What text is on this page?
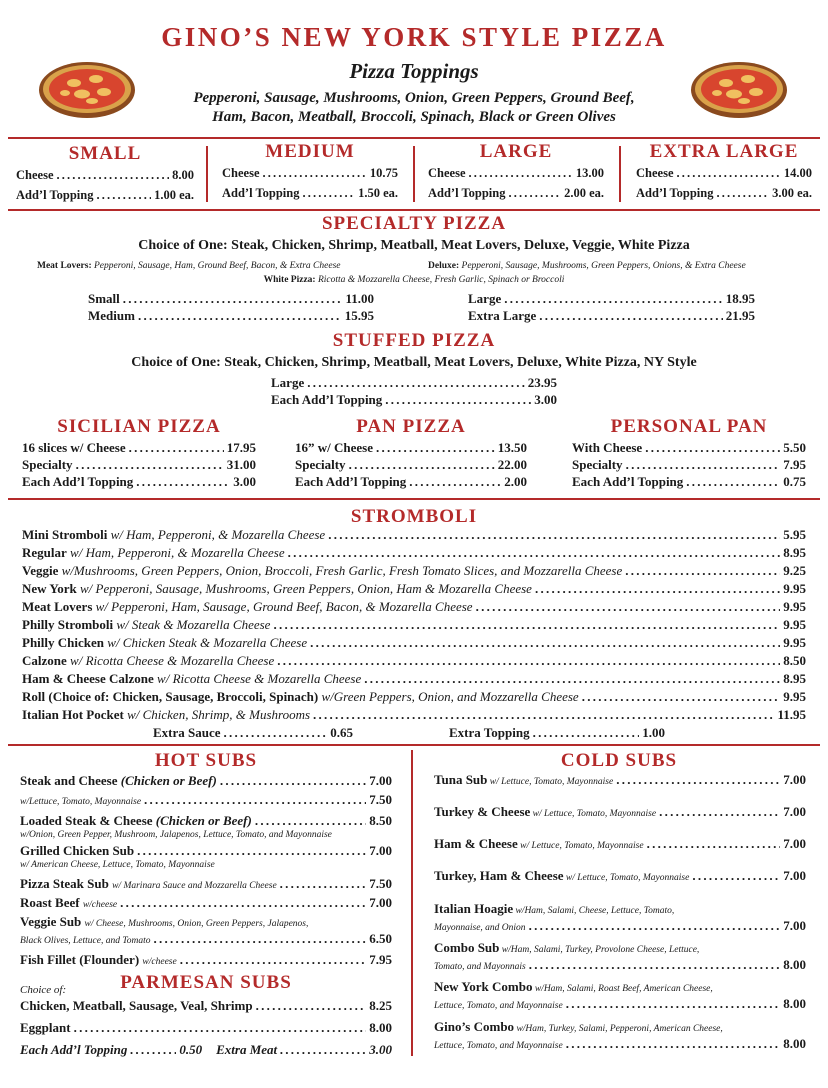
GINO’S NEW YORK STYLE PIZZA
Pizza Toppings
Pepperoni, Sausage, Mushrooms, Onion, Green Peppers, Ground Beef,
Ham, Bacon, Meatball, Broccoli, Spinach, Black or Green Olives
SMALL
Cheese . . .	8.00
Add’l Topping . . .	1.00 ea.
MEDIUM
Cheese . . .	10.75
Add’l Topping . . .	1.50 ea.
LARGE
Cheese . . .	13.00
Add’l Topping . . .	2.00 ea.
EXTRA LARGE
Cheese . . .	14.00
Add’l Topping . . .	3.00 ea.
SPECIALTY PIZZA
Choice of One: Steak, Chicken, Shrimp, Meatball, Meat Lovers, Deluxe, Veggie, White Pizza
Meat Lovers: Pepperoni, Sausage, Ham, Ground Beef, Bacon, & Extra Cheese	Deluxe: Pepperoni, Sausage, Mushrooms, Green Peppers, Onions, & Extra Cheese
White Pizza: Ricotta & Mozzarella Cheese, Fresh Garlic, Spinach or Broccoli
Small . . .	11.00
Medium . . .	15.95
Large . . .	18.95
Extra Large . . .	21.95
STUFFED PIZZA
Choice of One: Steak, Chicken, Shrimp, Meatball, Meat Lovers, Deluxe, White Pizza, NY Style
Large . . .	23.95
Each Add’l Topping . . .	3.00
SICILIAN PIZZA
16 slices w/ Cheese . . .	17.95
Specialty . . .	31.00
Each Add’l Topping . . .	3.00
PAN PIZZA
16” w/ Cheese . . .	13.50
Specialty . . .	22.00
Each Add’l Topping . . .	2.00
PERSONAL PAN
With Cheese . . .	5.50
Specialty . . .	7.95
Each Add’l Topping . . .	0.75
STROMBOLI
Mini Stromboli w/ Ham, Pepperoni, & Mozarella Cheese . . .	5.95
Regular w/ Ham, Pepperoni, & Mozarella Cheese . . .	8.95
Veggie w/Mushrooms, Green Peppers, Onion, Broccoli, Fresh Garlic, Fresh Tomato Slices, and Mozzarella Cheese . . .	9.25
New York w/ Pepperoni, Sausage, Mushrooms, Green Peppers, Onion, Ham & Mozarella Cheese . . .	9.95
Meat Lovers w/ Pepperoni, Ham, Sausage, Ground Beef, Bacon, & Mozarella Cheese . . .	9.95
Philly Stromboli w/ Steak & Mozarella Cheese . . .	9.95
Philly Chicken w/ Chicken Steak & Mozarella Cheese . . .	9.95
Calzone w/ Ricotta Cheese & Mozarella Cheese . . .	8.50
Ham & Cheese Calzone w/ Ricotta Cheese & Mozarella Cheese . . .	8.95
Roll (Choice of: Chicken, Sausage, Broccoli, Spinach) w/Green Peppers, Onion, and Mozzarella Cheese . . .	9.95
Italian Hot Pocket w/ Chicken, Shrimp, & Mushrooms . . .	11.95
Extra Sauce . . .	0.65	Extra Topping . . .	1.00
HOT SUBS
Steak and Cheese (Chicken or Beef) . . .	7.00
w/Lettuce, Tomato, Mayonnaise . . .	7.50
Loaded Steak & Cheese (Chicken or Beef) . . .	8.50
w/Onion, Green Pepper, Mushroom, Jalapenos, Lettuce, Tomato, and Mayonnaise
Grilled Chicken Sub . . .	7.00
w/ American Cheese, Lettuce, Tomato, Mayonnaise
Pizza Steak Sub w/ Marinara Sauce and Mozzarella Cheese . . .	7.50
Roast Beef w/cheese . . .	7.00
Veggie Sub w/ Cheese, Mushrooms, Onion, Green Peppers, Jalapenos,
Black Olives, Lettuce, and Tomato . . .	6.50
Fish Fillet (Flounder) w/cheese . . .	7.95
PARMESAN SUBS
Choice of:
Chicken, Meatball, Sausage, Veal, Shrimp . . .	8.25
Eggplant . . .	8.00
Each Add’l Topping . . .	0.50 Extra Meat . . .	3.00
COLD SUBS
Tuna Sub w/ Lettuce, Tomato, Mayonnaise . . .	7.00
Turkey & Cheese w/ Lettuce, Tomato, Mayonnaise . . .	7.00
Ham & Cheese w/ Lettuce, Tomato, Mayonnaise . . .	7.00
Turkey, Ham & Cheese w/ Lettuce, Tomato, Mayonnaise . . .	7.00
Italian Hoagie w/Ham, Salami, Cheese, Lettuce, Tomato,
Mayonnaise, and Onion . . .	7.00
Combo Sub w/Ham, Salami, Turkey, Provolone Cheese, Lettuce,
Tomato, and Mayonnais . . .	8.00
New York Combo w/Ham, Salami, Roast Beef, American Cheese,
Lettuce, Tomato, and Mayonnaise . . .	8.00
Gino’s Combo w/Ham, Turkey, Salami, Pepperoni, American Cheese,
Lettuce, Tomato, and Mayonnaise . . .	8.00
